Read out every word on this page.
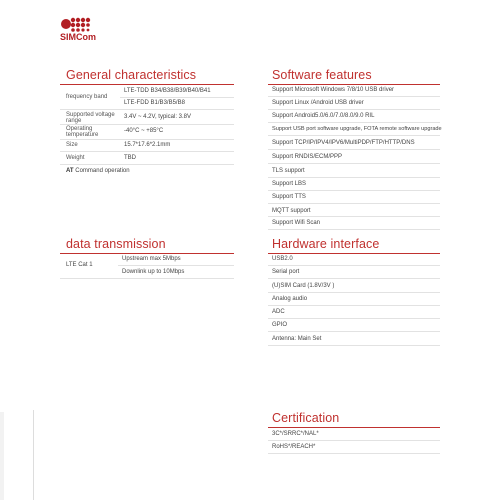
SIMCom
General characteristics
frequency band
LTE-TDD B34/B38/B39/B40/B41
LTE-FDD B1/B3/B5/B8
Supported voltage range
3.4V ~ 4.2V, typical: 3.8V
Operating temperature
-40°C ~ +85°C
Size	15.7*17.6*2.1mm
Weight	TBD
AT Command operation
Software features
Support Microsoft Windows 7/8/10 USB driver
Support Linux /Android USB driver
Support Android5.0/6.0/7.0/8.0/9.0 RIL
Support USB port software upgrade, FOTA remote software upgrade
Support TCP/IP/IPV4/IPV6/MultiPDP/FTP/HTTP/DNS
Support RNDIS/ECM/PPP
TLS support
Support LBS
Support TTS
MQTT support
Support Wifi Scan
data transmission
LTE Cat 1
Upstream max 5Mbps
Downlink up to 10Mbps
Hardware interface
USB2.0
Serial port
(U)SIM Card (1.8V/3V )
Analog audio
ADC
GPIO
Antenna: Main Set
Certification
3C*/SRRC*/NAL*
RoHS*/REACH*
